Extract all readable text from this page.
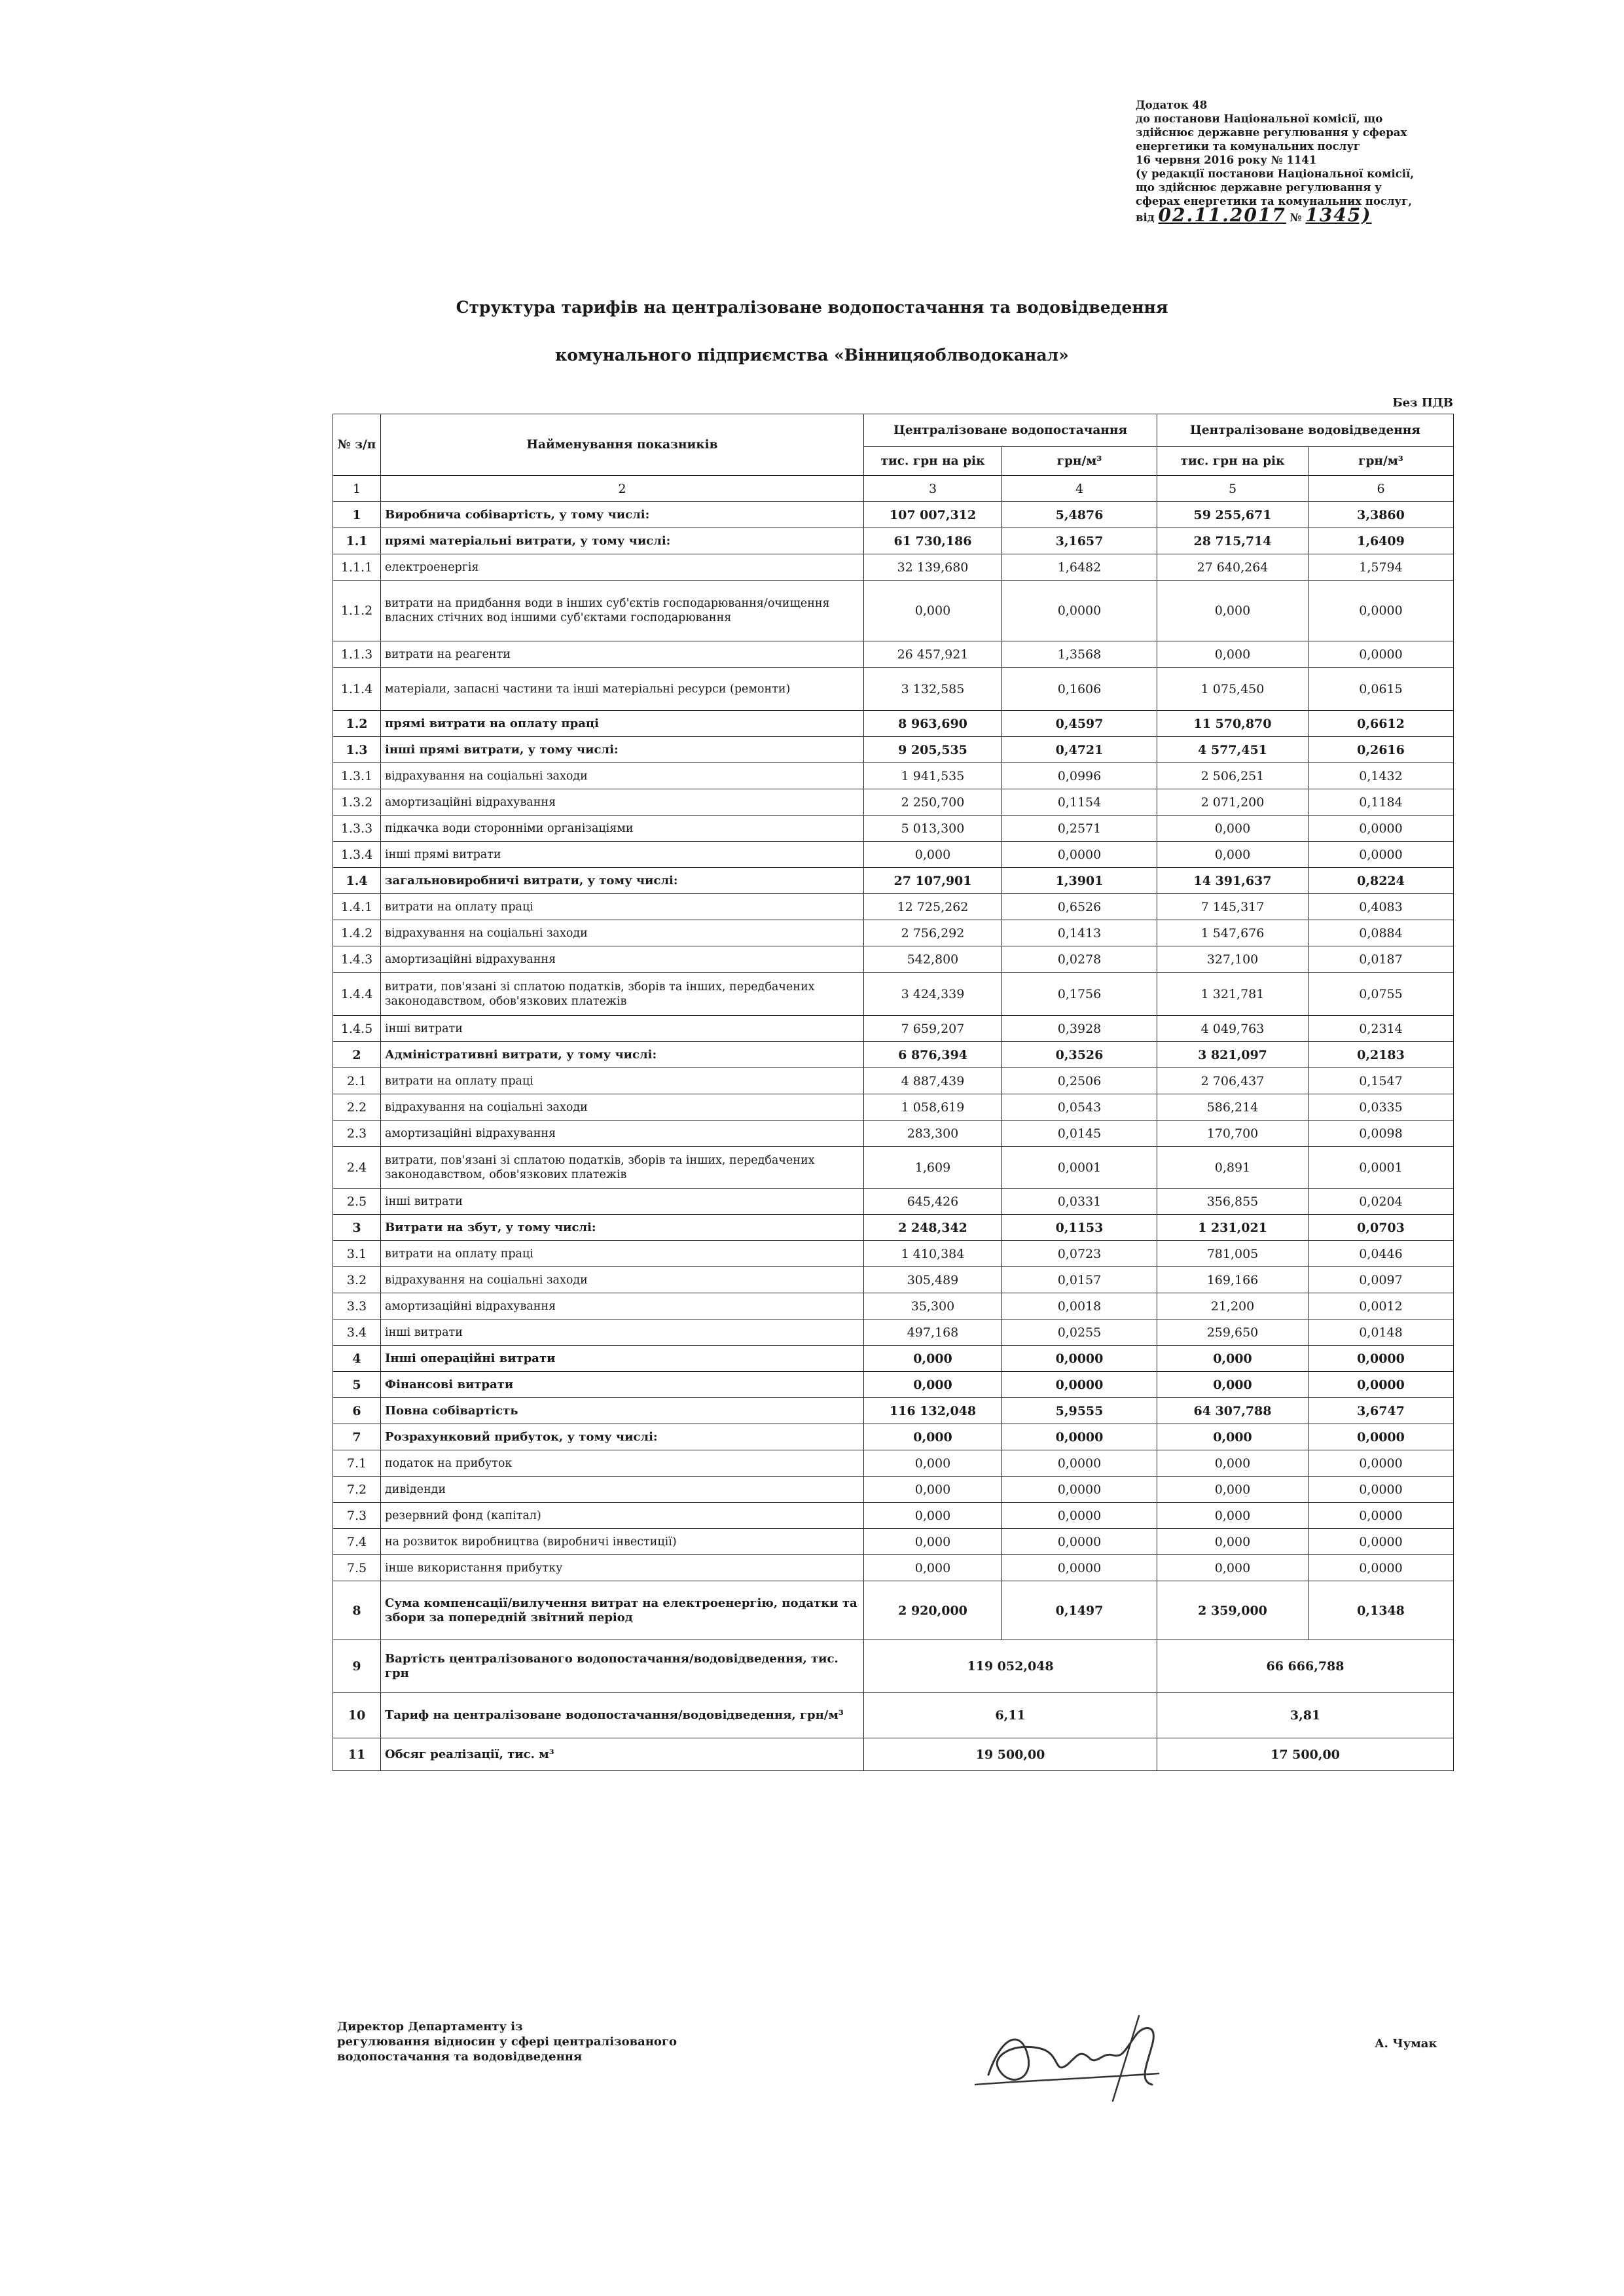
Додаток 48
до постанови Національної комісії, що
здійснює державне регулювання у сферах
енергетики та комунальних послуг
16 червня 2016 року № 1141
(у редакції постанови Національної комісії,
що здійснює державне регулювання у
сферах енергетики та комунальних послуг,
від 02.11.2017 № 1345)
Структура тарифів на централізоване водопостачання та водовідведення
комунального підприємства «Вінницяоблводоканал»
Без ПДВ
№ з/п	Найменування показників	Централізоване водопостачання		Централізоване водовідведення	
		тис. грн на рік	грн/м³	тис. грн на рік	грн/м³
1	2	3	4	5	6
1	Виробнича собівартість, у тому числі:	107 007,312	5,4876	59 255,671	3,3860
1.1	прямі матеріальні витрати, у тому числі:	61 730,186	3,1657	28 715,714	1,6409
1.1.1	електроенергія	32 139,680	1,6482	27 640,264	1,5794
1.1.2	витрати на придбання води в інших суб'єктів господарювання/очищення власних стічних вод іншими суб'єктами господарювання	0,000	0,0000	0,000	0,0000
1.1.3	витрати на реагенти	26 457,921	1,3568	0,000	0,0000
1.1.4	матеріали, запасні частини та інші матеріальні ресурси (ремонти)	3 132,585	0,1606	1 075,450	0,0615
1.2	прямі витрати на оплату праці	8 963,690	0,4597	11 570,870	0,6612
1.3	інші прямі витрати, у тому числі:	9 205,535	0,4721	4 577,451	0,2616
1.3.1	відрахування на соціальні заходи	1 941,535	0,0996	2 506,251	0,1432
1.3.2	амортизаційні відрахування	2 250,700	0,1154	2 071,200	0,1184
1.3.3	підкачка води сторонніми організаціями	5 013,300	0,2571	0,000	0,0000
1.3.4	інші прямі витрати	0,000	0,0000	0,000	0,0000
1.4	загальновиробничі витрати, у тому числі:	27 107,901	1,3901	14 391,637	0,8224
1.4.1	витрати на оплату праці	12 725,262	0,6526	7 145,317	0,4083
1.4.2	відрахування на соціальні заходи	2 756,292	0,1413	1 547,676	0,0884
1.4.3	амортизаційні відрахування	542,800	0,0278	327,100	0,0187
1.4.4	витрати, пов'язані зі сплатою податків, зборів та інших, передбачених законодавством, обов'язкових платежів	3 424,339	0,1756	1 321,781	0,0755
1.4.5	інші витрати	7 659,207	0,3928	4 049,763	0,2314
2	Адміністративні витрати, у тому числі:	6 876,394	0,3526	3 821,097	0,2183
2.1	витрати на оплату праці	4 887,439	0,2506	2 706,437	0,1547
2.2	відрахування на соціальні заходи	1 058,619	0,0543	586,214	0,0335
2.3	амортизаційні відрахування	283,300	0,0145	170,700	0,0098
2.4	витрати, пов'язані зі сплатою податків, зборів та інших, передбачених законодавством, обов'язкових платежів	1,609	0,0001	0,891	0,0001
2.5	інші витрати	645,426	0,0331	356,855	0,0204
3	Витрати на збут, у тому числі:	2 248,342	0,1153	1 231,021	0,0703
3.1	витрати на оплату праці	1 410,384	0,0723	781,005	0,0446
3.2	відрахування на соціальні заходи	305,489	0,0157	169,166	0,0097
3.3	амортизаційні відрахування	35,300	0,0018	21,200	0,0012
3.4	інші витрати	497,168	0,0255	259,650	0,0148
4	Інші операційні витрати	0,000	0,0000	0,000	0,0000
5	Фінансові витрати	0,000	0,0000	0,000	0,0000
6	Повна собівартість	116 132,048	5,9555	64 307,788	3,6747
7	Розрахунковий прибуток, у тому числі:	0,000	0,0000	0,000	0,0000
7.1	податок на прибуток	0,000	0,0000	0,000	0,0000
7.2	дивіденди	0,000	0,0000	0,000	0,0000
7.3	резервний фонд (капітал)	0,000	0,0000	0,000	0,0000
7.4	на розвиток виробництва (виробничі інвестиції)	0,000	0,0000	0,000	0,0000
7.5	інше використання прибутку	0,000	0,0000	0,000	0,0000
8	Сума компенсації/вилучення витрат на електроенергію, податки та збори за попередній звітний період	2 920,000	0,1497	2 359,000	0,1348
9	Вартість централізованого водопостачання/водовідведення, тис. грн	119 052,048		66 666,788	
10	Тариф на централізоване водопостачання/водовідведення, грн/м³	6,11		3,81	
11	Обсяг реалізації, тис. м³	19 500,00		17 500,00	
Директор Департаменту із
регулювання відносин у сфері централізованого
водопостачання та водовідведення
А. Чумак
